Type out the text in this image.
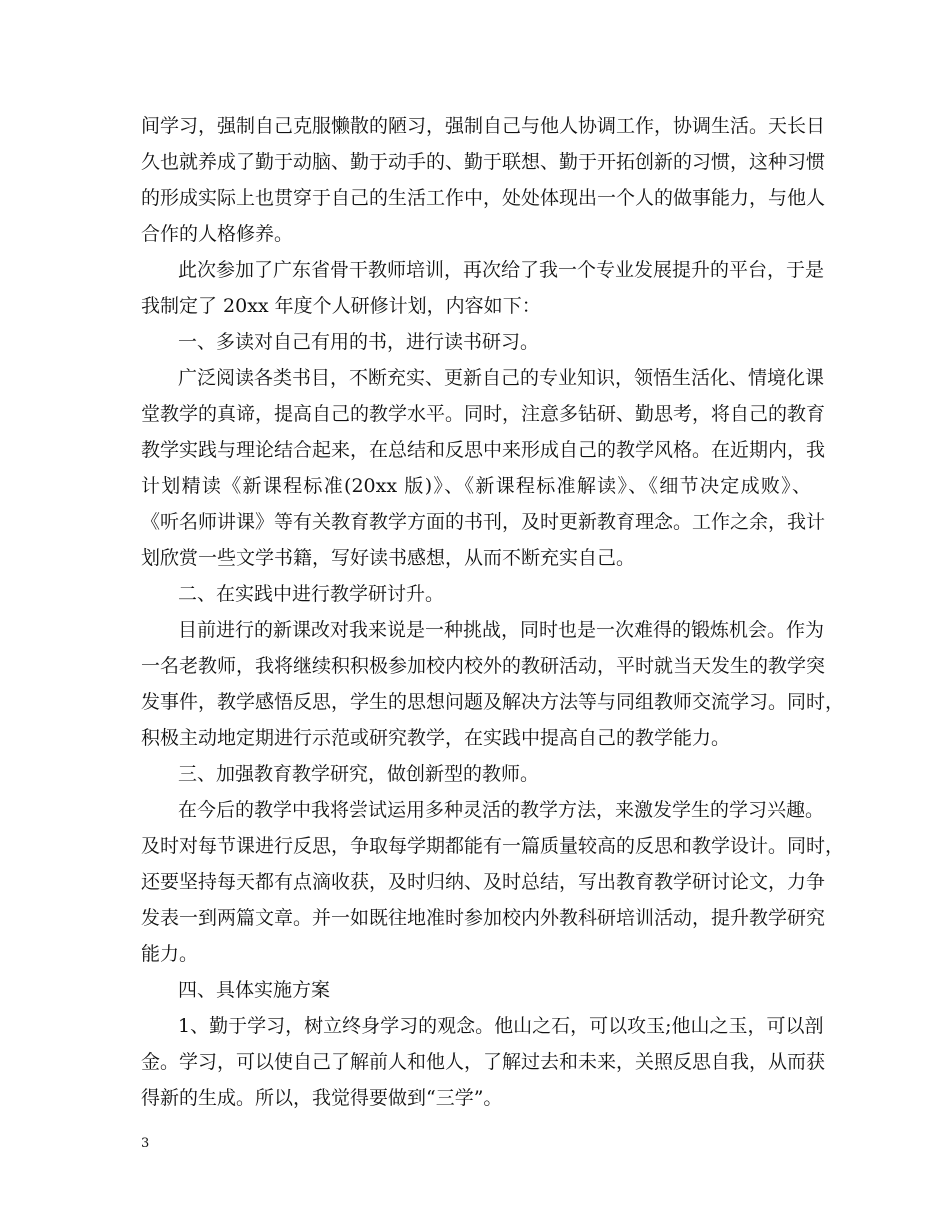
间学习，强制自己克服懒散的陋习，强制自己与他人协调工作，协调生活。天长日
久也就养成了勤于动脑、勤于动手的、勤于联想、勤于开拓创新的习惯，这种习惯
的形成实际上也贯穿于自己的生活工作中，处处体现出一个人的做事能力，与他人
合作的人格修养。
此次参加了广东省骨干教师培训，再次给了我一个专业发展提升的平台，于是
我制定了 20xx 年度个人研修计划，内容如下：
一、多读对自己有用的书，进行读书研习。
广泛阅读各类书目，不断充实、更新自己的专业知识，领悟生活化、情境化课
堂教学的真谛，提高自己的教学水平。同时，注意多钻研、勤思考，将自己的教育
教学实践与理论结合起来，在总结和反思中来形成自己的教学风格。在近期内，我
计划精读《新课程标准(20xx 版)》、《新课程标准解读》、《细节决定成败》、
《听名师讲课》等有关教育教学方面的书刊，及时更新教育理念。工作之余，我计
划欣赏一些文学书籍，写好读书感想，从而不断充实自己。
二、在实践中进行教学研讨升。
目前进行的新课改对我来说是一种挑战，同时也是一次难得的锻炼机会。作为
一名老教师，我将继续积积极参加校内校外的教研活动，平时就当天发生的教学突
发事件，教学感悟反思，学生的思想问题及解决方法等与同组教师交流学习。同时，
积极主动地定期进行示范或研究教学，在实践中提高自己的教学能力。
三、加强教育教学研究，做创新型的教师。
在今后的教学中我将尝试运用多种灵活的教学方法，来激发学生的学习兴趣。
及时对每节课进行反思，争取每学期都能有一篇质量较高的反思和教学设计。同时，
还要坚持每天都有点滴收获，及时归纳、及时总结，写出教育教学研讨论文，力争
发表一到两篇文章。并一如既往地准时参加校内外教科研培训活动，提升教学研究
能力。
四、具体实施方案
1、勤于学习，树立终身学习的观念。他山之石，可以攻玉;他山之玉，可以剖
金。学习，可以使自己了解前人和他人，了解过去和未来，关照反思自我，从而获
得新的生成。所以，我觉得要做到“三学”。
3
